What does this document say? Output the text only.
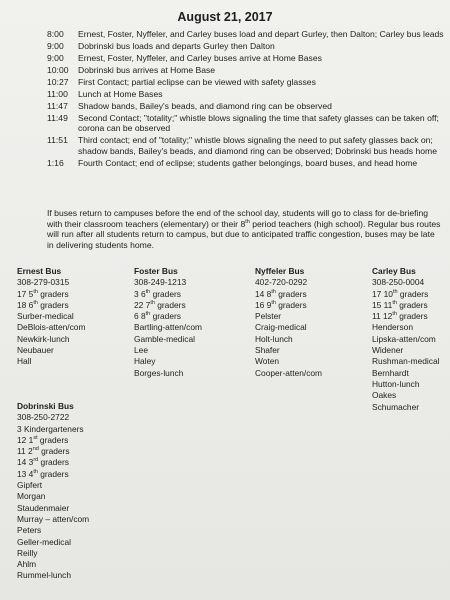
August 21, 2017
8:00	Ernest, Foster, Nyffeler, and Carley buses load and depart Gurley, then Dalton; Carley bus leads
9:00	Dobrinski bus loads and departs Gurley then Dalton
9:00	Ernest, Foster, Nyffeler, and Carley buses arrive at Home Bases
10:00	Dobrinski bus arrives at Home Base
10:27	First Contact; partial eclipse can be viewed with safety glasses
11:00	Lunch at Home Bases
11:47	Shadow bands, Bailey's beads, and diamond ring can be observed
11:49	Second Contact; "totality;" whistle blows signaling the time that safety glasses can be taken off; corona can be observed
11:51	Third contact; end of "totality;" whistle blows signaling the need to put safety glasses back on; shadow bands, Bailey's beads, and diamond ring can be observed; Dobrinski bus heads home
1:16	Fourth Contact; end of eclipse; students gather belongings, board buses, and head home
If buses return to campuses before the end of the school day, students will go to class for de-briefing with their classroom teachers (elementary) or their 8th period teachers (high school). Regular bus routes will run after all students return to campus, but due to anticipated traffic congestion, buses may be late in delivering students home.
Ernest Bus
308-279-0315
17 5th graders
18 6th graders
Surber-medical
DeBlois-atten/com
Newkirk-lunch
Neubauer
Hall
Foster Bus
308-249-1213
3 6th graders
22 7th graders
6 8th graders
Bartling-atten/com
Gamble-medical
Lee
Haley
Borges-lunch
Nyffeler Bus
402-720-0292
14 8th graders
16 9th graders
Pelster
Craig-medical
Holt-lunch
Shafer
Woten
Cooper-atten/com
Carley Bus
308-250-0004
17 10th graders
15 11th graders
11 12th graders
Henderson
Lipska-atten/com
Widener
Rushman-medical
Bernhardt
Hutton-lunch
Oakes
Schumacher
Dobrinski Bus
308-250-2722
3 Kindergarteners
12 1st graders
11 2nd graders
14 3rd graders
13 4th graders
Gipfert
Morgan
Staudenmaier
Murray – atten/com
Peters
Geller-medical
Reilly
Ahlm
Rummel-lunch
